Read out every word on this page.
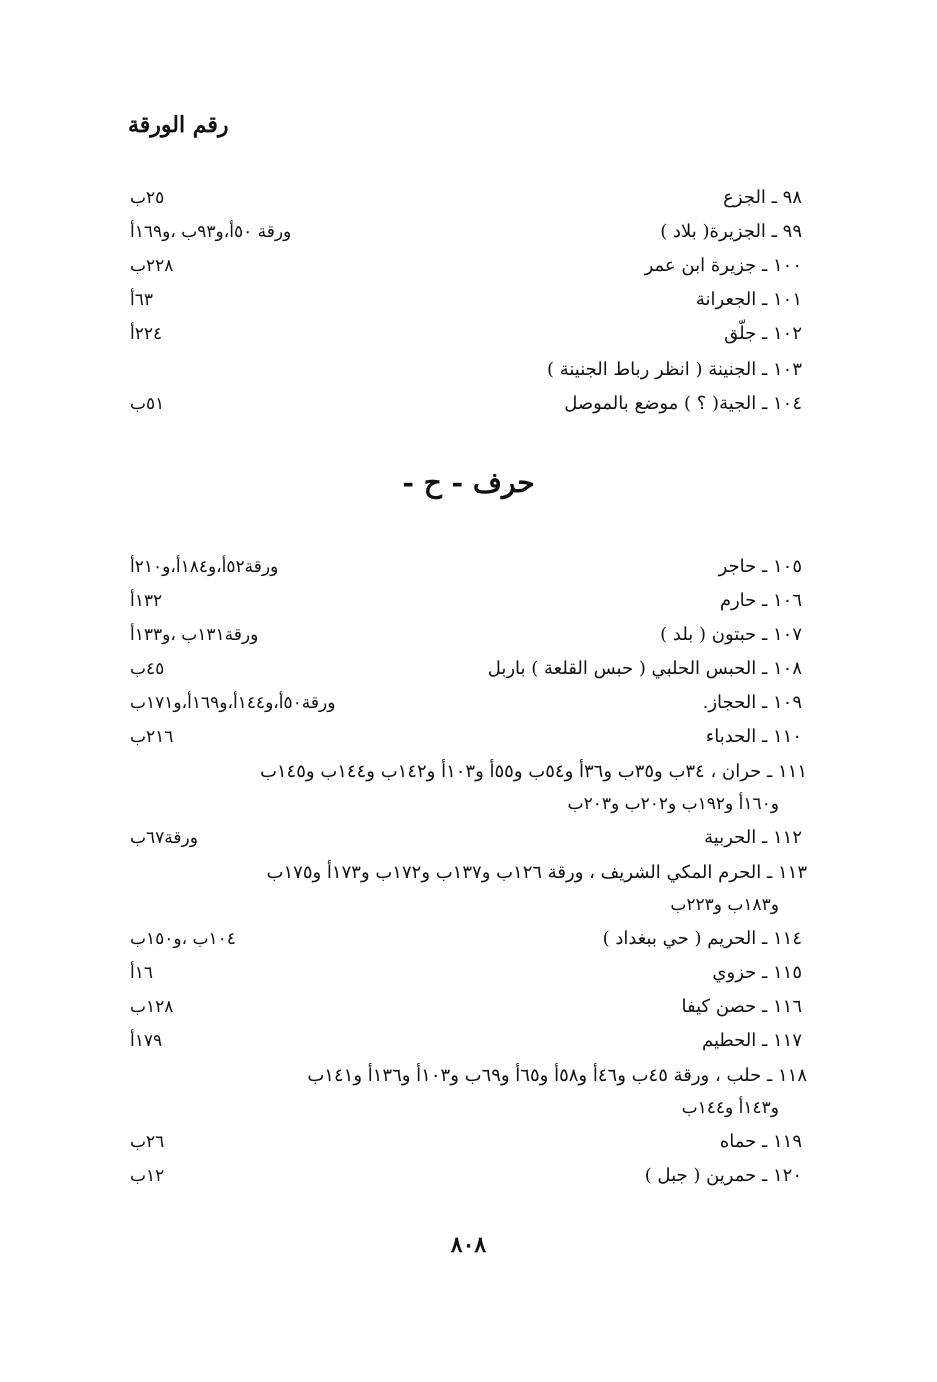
رقم الورقة
٩٨ ـ الجزع
٢٥ب
٩٩ ـ الجزيرة( بلاد )
ورقة ٥٠أ،و٩٣ب ،و١٦٩أ
١٠٠ ـ جزيرة ابن عمر
٢٢٨ب
١٠١ ـ الجعرانة
٦٣أ
١٠٢ ـ جلّق
٢٢٤أ
١٠٣ ـ الجنينة ( انظر رباط الجنينة )
١٠٤ ـ الجية( ؟ ) موضع بالموصل
٥١ب
حرف - ح -
١٠٥ ـ حاجر
ورقة٥٢أ،و١٨٤أ،و٢١٠أ
١٠٦ ـ حارم
١٣٢أ
١٠٧ ـ حبتون ( بلد )
ورقة١٣١ب ،و١٣٣أ
١٠٨ ـ الحبس الحلبي ( حبس القلعة ) باربل
٤٥ب
١٠٩ ـ الحجاز.
ورقة٥٠أ،و١٤٤أ،و١٦٩أ،و١٧١ب
١١٠ ـ الحدباء
٢١٦ب
١١١ ـ حران ، ٣٤ب و٣٥ب و٣٦أ و٥٤ب و٥٥أ و١٠٣أ و١٤٢ب و١٤٤ب و١٤٥ب
و١٦٠أ و١٩٢ب و٢٠٢ب و٢٠٣ب
١١٢ ـ الحربية
ورقة٦٧ب
١١٣ ـ الحرم المكي الشريف ، ورقة ١٢٦ب و١٣٧ب و١٧٢ب و١٧٣أ و١٧٥ب
و١٨٣ب و٢٢٣ب
١١٤ ـ الحريم ( حي ببغداد )
١٠٤ب ،و١٥٠ب
١١٥ ـ حزوي
١٦أ
١١٦ ـ حصن كيفا
١٢٨ب
١١٧ ـ الحطيم
١٧٩أ
١١٨ ـ حلب ، ورقة ٤٥ب و٤٦أ و٥٨أ و٦٥أ و٦٩ب و١٠٣أ و١٣٦أ و١٤١ب
و١٤٣أ و١٤٤ب
١١٩ ـ حماه
٢٦ب
١٢٠ ـ حمرين ( جبل )
١٢ب
٨٠٨
